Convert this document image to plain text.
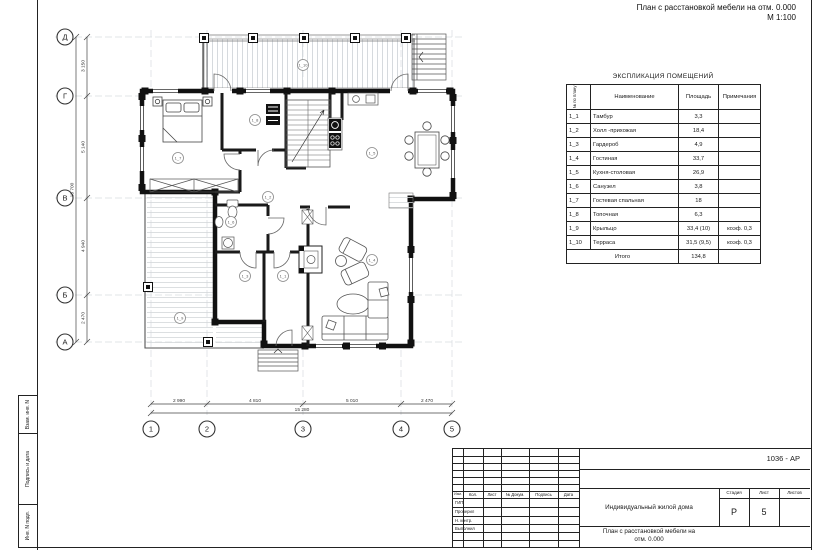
Д
Г
В
Б
А
1	2	3	4	5
3 150
5 140
4 940
2 470
15 700
2 990	4 810	5 010	2 470
15 280
1_10
1_8
1_7
1_5
1_2
1_6
1_3	1_1
1_4
1_9
План с расстановкой мебели на отм. 0.000
М 1:100
ЭКСПЛИКАЦИЯ ПОМЕЩЕНИЙ
№ по плану	Наименование	Площадь	Примечания
1_1	Тамбур	3,3	
1_2	Холл -прихожая	18,4	
1_3	Гардероб	4,9	
1_4	Гостиная	33,7	
1_5	Кухня-столовая	26,9	
1_6	Санузел	3,8	
1_7	Гостевая спальная	18	
1_8	Топочная	6,3	
1_9	Крыльцо	33,4 (10)	коэф. 0,3
1_10	Терраса	31,5 (9,5)	коэф. 0,3
Итого		134,8	
Изм.	Кол.	Лист	№ Докум.	Подпись	Дата
ГИП
Проверил
Н. контр.
Выполнил
1036 - АР
Индивидуальный жилой дома
Стадия	Лист	Листов
Р	5
План с расстановкой мебели на
отм. 0.000
Взам. инв. N
Подпись и дата
Инв. N подл.
